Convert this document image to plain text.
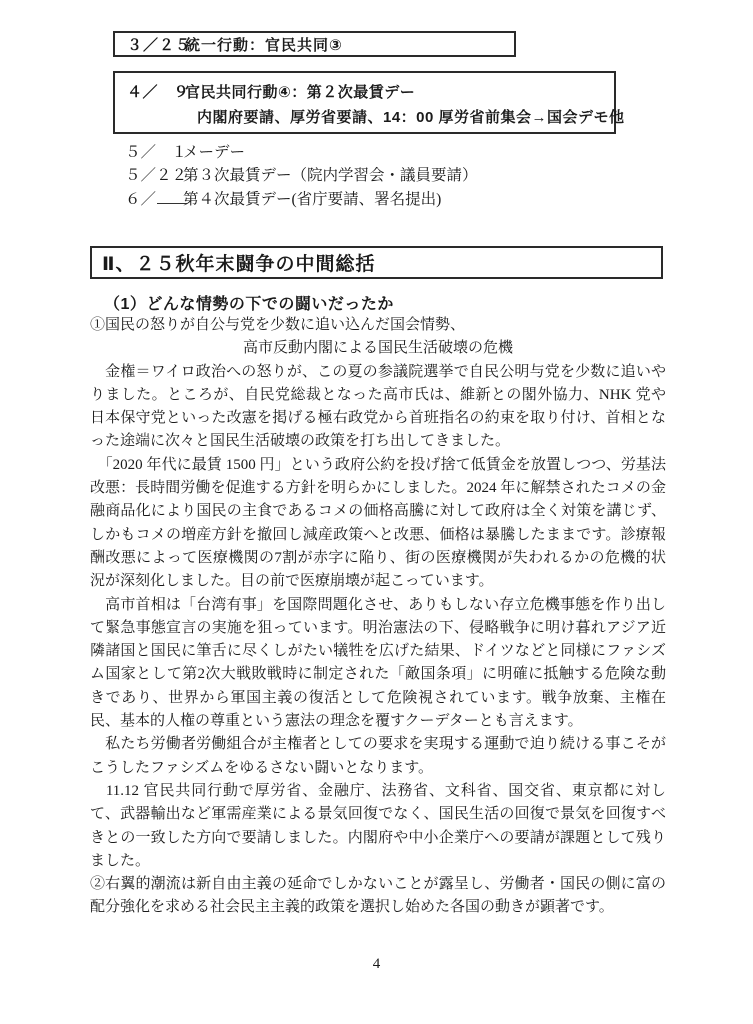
３／２５
統一行動：官民共同③
４／　９
官民共同行動④：第２次最賃デー
内閣府要請、厚労省要請、14：00 厚労省前集会→国会デモ他
５／　１
メーデー
５／２２
第３次最賃デー（院内学習会・議員要請）
６／	第４次最賃デー(省庁要請、署名提出)
Ⅱ、２５秋年末闘争の中間総括
（1）どんな情勢の下での闘いだったか

①国民の怒りが自公与党を少数に追い込んだ国会情勢、

高市反動内閣による国民生活破壊の危機

　金権＝ワイロ政治への怒りが、この夏の参議院選挙で自民公明与党を少数に追いやりました。ところが、自民党総裁となった高市氏は、維新との閣外協力、NHK 党や日本保守党といった改憲を掲げる極右政党から首班指名の約束を取り付け、首相となった途端に次々と国民生活破壊の政策を打ち出してきました。

　「2020 年代に最賃 1500 円」という政府公約を投げ捨て低賃金を放置しつつ、労基法改悪：長時間労働を促進する方針を明らかにしました。2024 年に解禁されたコメの金融商品化により国民の主食であるコメの価格高騰に対して政府は全く対策を講じず、しかもコメの増産方針を撤回し減産政策へと改悪、価格は暴騰したままです。診療報酬改悪によって医療機関の7割が赤字に陥り、街の医療機関が失われるかの危機的状況が深刻化しました。目の前で医療崩壊が起こっています。

　高市首相は「台湾有事」を国際問題化させ、ありもしない存立危機事態を作り出して緊急事態宣言の実施を狙っています。明治憲法の下、侵略戦争に明け暮れアジア近隣諸国と国民に筆舌に尽くしがたい犠牲を広げた結果、ドイツなどと同様にファシズム国家として第2次大戦敗戦時に制定された「敵国条項」に明確に抵触する危険な動きであり、世界から軍国主義の復活として危険視されています。戦争放棄、主権在民、基本的人権の尊重という憲法の理念を覆すクーデターとも言えます。

　私たち労働者労働組合が主権者としての要求を実現する運動で迫り続ける事こそがこうしたファシズムをゆるさない闘いとなります。

　11.12 官民共同行動で厚労省、金融庁、法務省、文科省、国交省、東京都に対して、武器輸出など軍需産業による景気回復でなく、国民生活の回復で景気を回復すべきとの一致した方向で要請しました。内閣府や中小企業庁への要請が課題として残りました。

②右翼的潮流は新自由主義の延命でしかないことが露呈し、労働者・国民の側に富の配分強化を求める社会民主主義的政策を選択し始めた各国の動きが顕著です。

4
